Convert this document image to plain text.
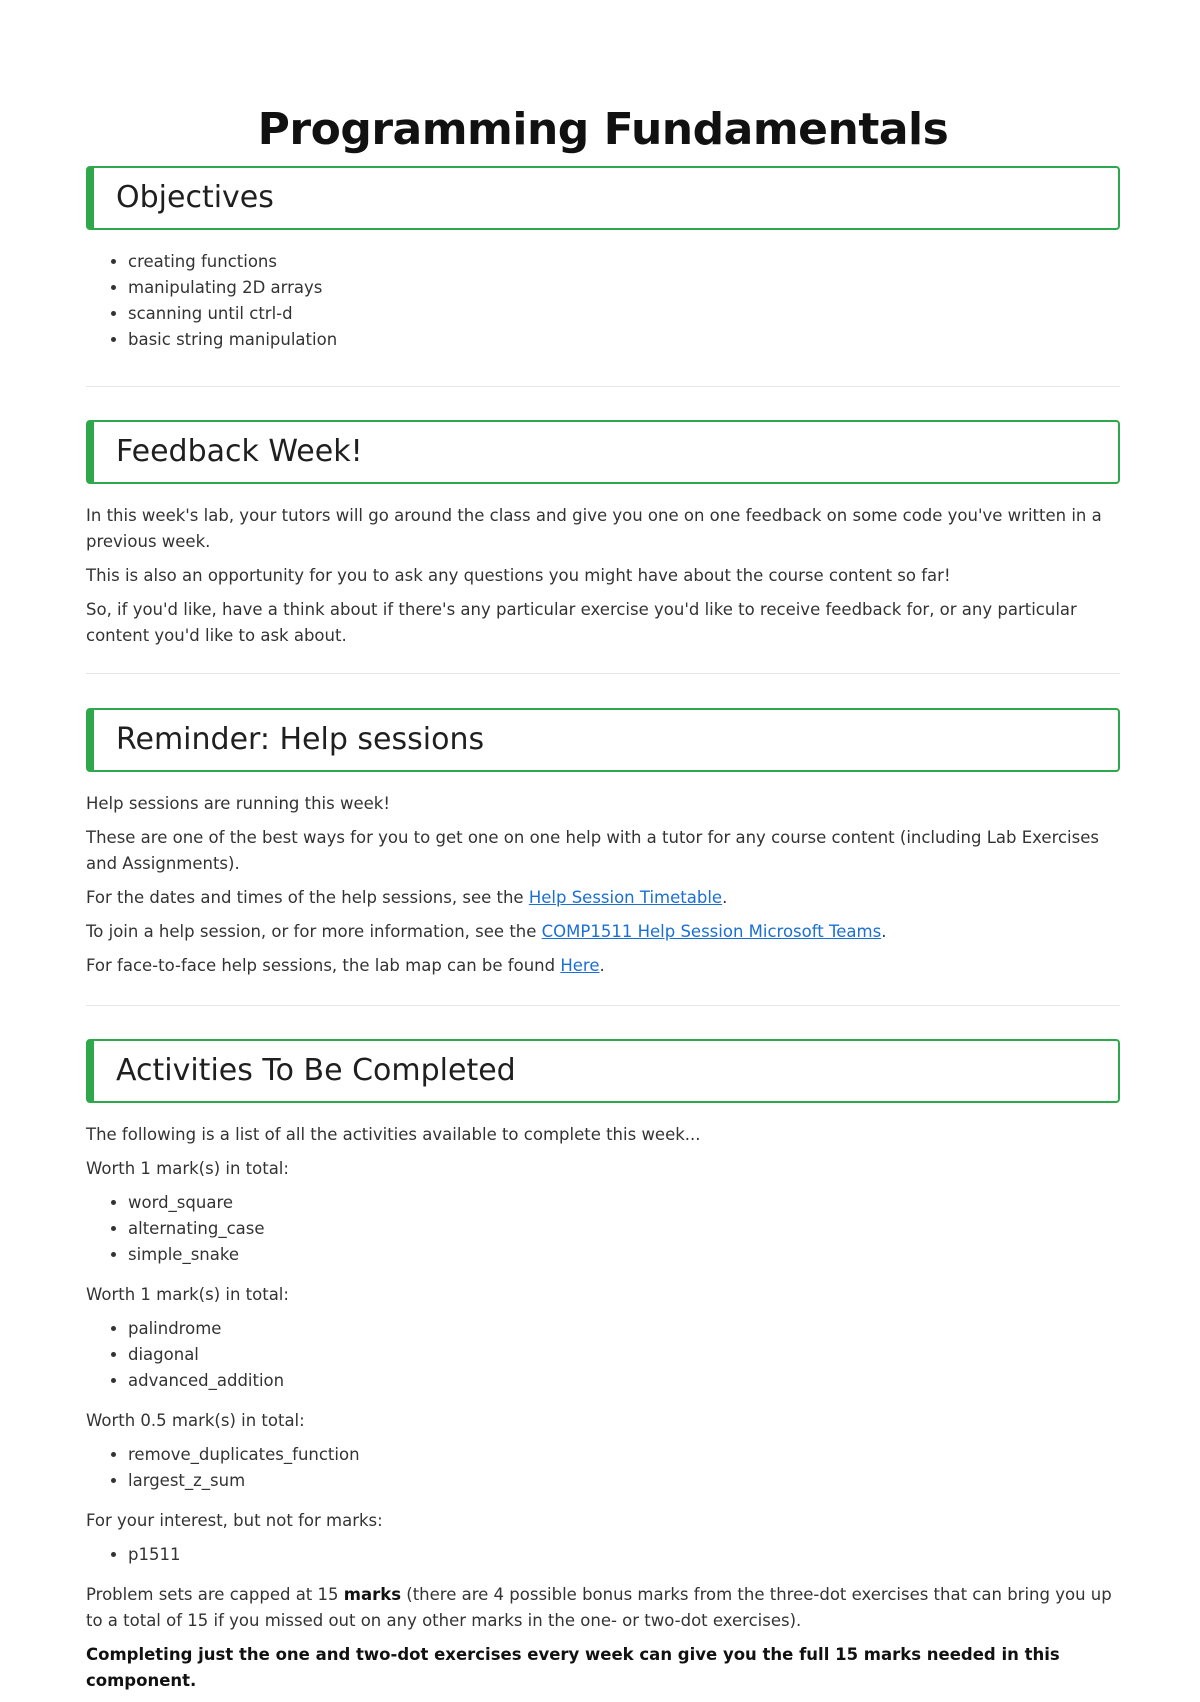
Programming Fundamentals
Objectives
• creating functions
• manipulating 2D arrays
• scanning until ctrl-d
• basic string manipulation
Feedback Week!

In this week's lab, your tutors will go around the class and give you one on one feedback on some code you've written in a previous week.

This is also an opportunity for you to ask any questions you might have about the course content so far!

So, if you'd like, have a think about if there's any particular exercise you'd like to receive feedback for, or any particular content you'd like to ask about.

Reminder: Help sessions

Help sessions are running this week!

These are one of the best ways for you to get one on one help with a tutor for any course content (including Lab Exercises and Assignments).

For the dates and times of the help sessions, see the Help Session Timetable.

To join a help session, or for more information, see the COMP1511 Help Session Microsoft Teams.

For face-to-face help sessions, the lab map can be found Here.

Activities To Be Completed

The following is a list of all the activities available to complete this week...

Worth 1 mark(s) in total:

• word_square
• alternating_case
• simple_snake

Worth 1 mark(s) in total:

• palindrome
• diagonal
• advanced_addition

Worth 0.5 mark(s) in total:

• remove_duplicates_function
• largest_z_sum

For your interest, but not for marks:

• p1511

Problem sets are capped at 15 marks (there are 4 possible bonus marks from the three-dot exercises that can bring you up to a total of 15 if you missed out on any other marks in the one- or two-dot exercises).

Completing just the one and two-dot exercises every week can give you the full 15 marks needed in this component.
